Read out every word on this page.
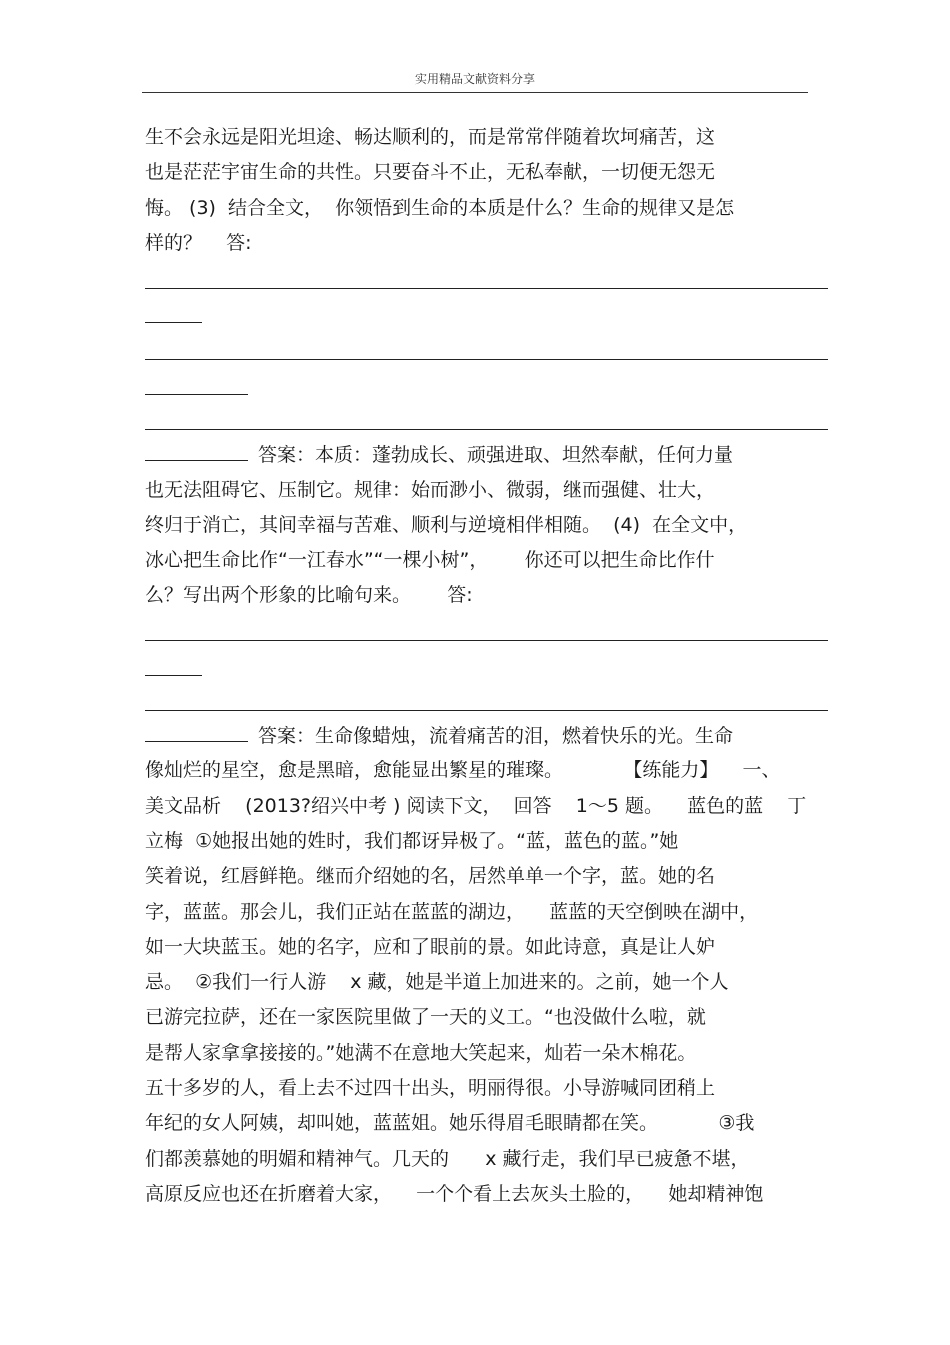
实用精品文献资料分享
生不会永远是阳光坦途、畅达顺利的，而是常常伴随着坎坷痛苦，这
也是茫茫宇宙生命的共性。只要奋斗不止，无私奉献，一切便无怨无
悔。 (3)  结合全文，  你领悟到生命的本质是什么？生命的规律又是怎
样的？    答:
答案：本质：蓬勃成长、顽强进取、坦然奉献，任何力量
也无法阻碍它、压制它。规律：始而渺小、微弱，继而强健、壮大，
终归于消亡，其间幸福与苦难、顺利与逆境相伴相随。  (4)  在全文中，
冰心把生命比作“一江春水”“一棵小树”，      你还可以把生命比作什
么？写出两个形象的比喻句来。      答:
答案：生命像蜡烛，流着痛苦的泪，燃着快乐的光。生命
像灿烂的星空，愈是黑暗，愈能显出繁星的璀璨。          【练能力】    一、
美文品析    (2013?绍兴中考 ) 阅读下文，  回答    1～5 题。    蓝色的蓝    丁
立梅  ①她报出她的姓时，我们都讶异极了。“蓝，蓝色的蓝。”她
笑着说，红唇鲜艳。继而介绍她的名，居然单单一个字，蓝。她的名
字，蓝蓝。那会儿，我们正站在蓝蓝的湖边，    蓝蓝的天空倒映在湖中，
如一大块蓝玉。她的名字，应和了眼前的景。如此诗意，真是让人妒
忌。  ②我们一行人游    x 藏，她是半道上加进来的。之前，她一个人
已游完拉萨，还在一家医院里做了一天的义工。“也没做什么啦，就
是帮人家拿拿接接的。”她满不在意地大笑起来，灿若一朵木棉花。
五十多岁的人，看上去不过四十出头，明丽得很。小导游喊同团稍上
年纪的女人阿姨，却叫她，蓝蓝姐。她乐得眉毛眼睛都在笑。          ③我
们都羡慕她的明媚和精神气。几天的      x 藏行走，我们早已疲惫不堪，
高原反应也还在折磨着大家，    一个个看上去灰头土脸的，    她却精神饱
